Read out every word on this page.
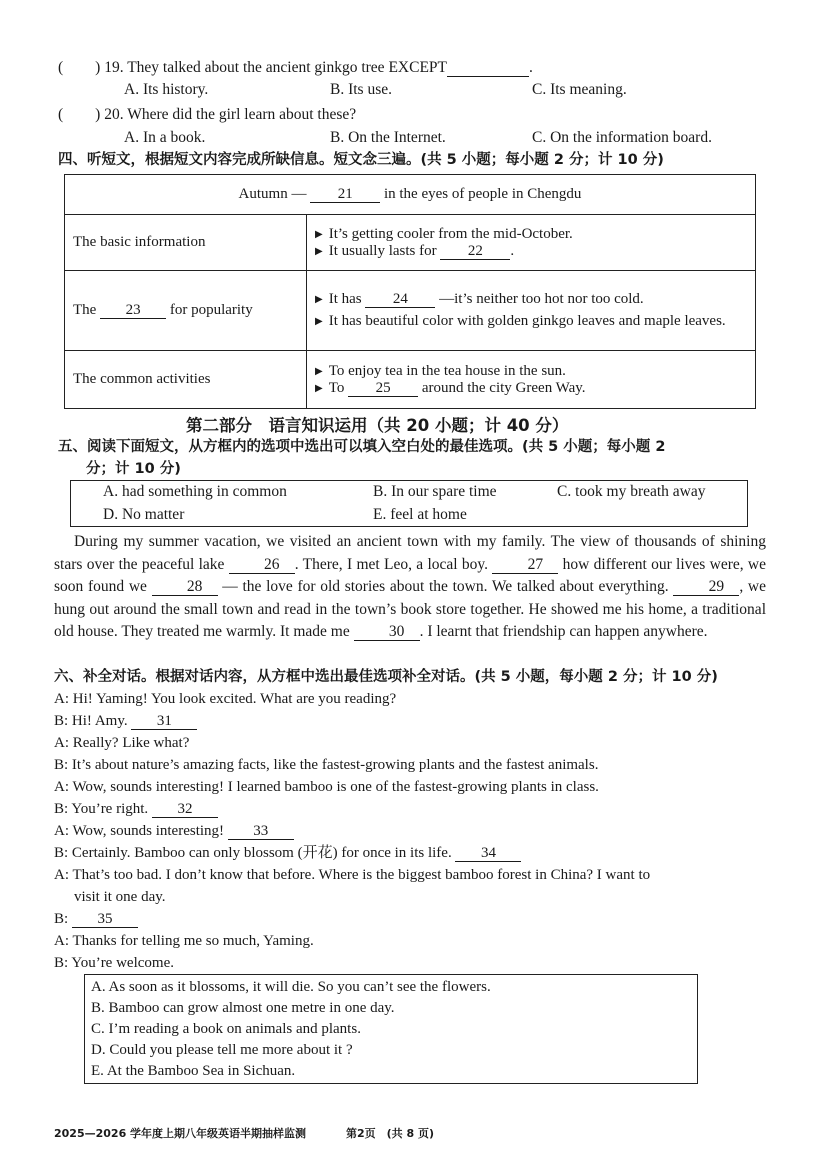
( ) 19. They talked about the ancient ginkgo tree EXCEPT	.
A. Its history.	B. Its use.	C. Its meaning.
( ) 20. Where did the girl learn about these?
A. In a book.	B. On the Internet.	C. On the information board.
四、听短文，根据短文内容完成所缺信息。短文念三遍。(共 5 小题；每小题 2 分；计 10 分)
Autumn — 21 in the eyes of people in Chengdu	
The basic information	▶ It’s getting cooler from the mid-October.
▶ It usually lasts for 22 .

The 23 for popularity	▶ It has 24 —it’s neither too hot nor too cold.
▶ It has beautiful color with golden ginkgo leaves and maple leaves.

The common activities	▶ To enjoy tea in the tea house in the sun.
▶ To 25 around the city Green Way.
第二部分　语言知识运用（共 20 小题；计 40 分）
五、阅读下面短文，从方框内的选项中选出可以填入空白处的最佳选项。(共 5 小题；每小题 2
分；计 10 分)
A. had something in common	B. In our spare time	C. took my breath away
D. No matter	E. feel at home
During my summer vacation, we visited an ancient town with my family. The view of thousands of shining stars over the peaceful lake	26 . There, I met Leo, a local boy.	27 how different our lives were, we soon found we	28 — the love for old stories about the town. We talked about everything.	29 , we hung out around the small town and read in the town’s book store together. He showed me his home, a traditional old house. They treated me warmly. It made me	30 . I learnt that friendship can happen anywhere.
六、补全对话。根据对话内容，从方框中选出最佳选项补全对话。(共 5 小题，每小题 2 分；计 10 分)
A: Hi! Yaming! You look excited. What are you reading?
B: Hi! Amy. 31
A: Really? Like what?
B: It’s about nature’s amazing facts, like the fastest-growing plants and the fastest animals.
A: Wow, sounds interesting! I learned bamboo is one of the fastest-growing plants in class.
B: You’re right. 32
A: Wow, sounds interesting! 33
B: Certainly. Bamboo can only blossom (开花) for once in its life. 34
A: That’s too bad. I don’t know that before. Where is the biggest bamboo forest in China? I want to
visit it one day.
B: 35
A: Thanks for telling me so much, Yaming.
B: You’re welcome.
A. As soon as it blossoms, it will die. So you can’t see the flowers.
B. Bamboo can grow almost one metre in one day.
C. I’m reading a book on animals and plants.
D. Could you please tell me more about it ?
E. At the Bamboo Sea in Sichuan.
2025—2026 学年度上期八年级英语半期抽样监测	第2页　(共 8 页)
